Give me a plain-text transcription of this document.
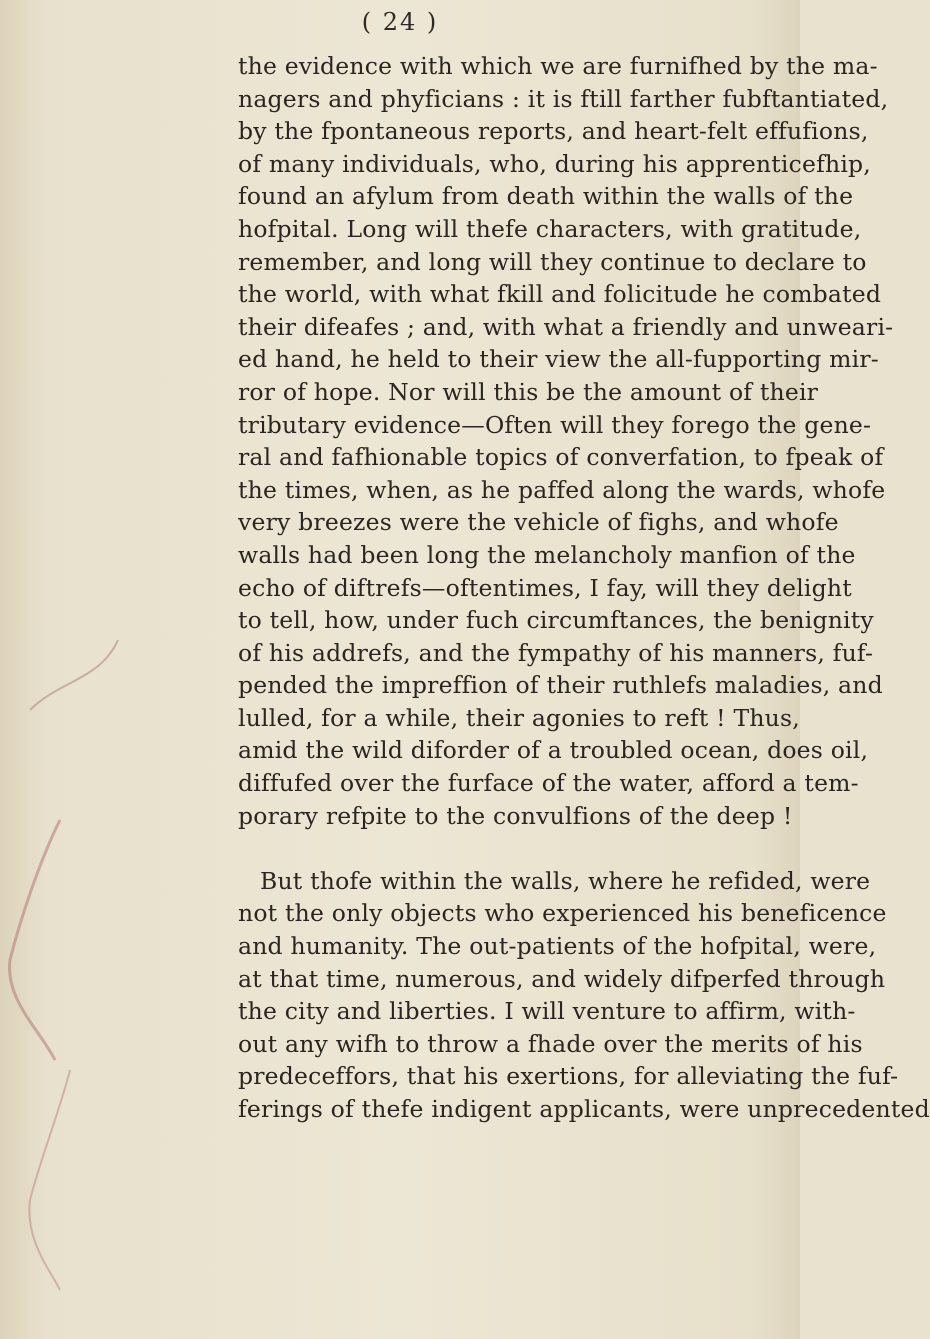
( 24 )
the evidence with which we are furnifhed by the ma-
nagers and phyficians : it is ftill farther fubftantiated,
by the fpontaneous reports, and heart-felt effufions,
of many individuals, who, during his apprenticefhip,
found an afylum from death within the walls of the
hofpital. Long will thefe characters, with gratitude,
remember, and long will they continue to declare to
the world, with what fkill and folicitude he combated
their difeafes ; and, with what a friendly and unweari-
ed hand, he held to their view the all-fupporting mir-
ror of hope. Nor will this be the amount of their
tributary evidence—Often will they forego the gene-
ral and fafhionable topics of converfation, to fpeak of
the times, when, as he paffed along the wards, whofe
very breezes were the vehicle of fighs, and whofe
walls had been long the melancholy manfion of the
echo of diftrefs—oftentimes, I fay, will they delight
to tell, how, under fuch circumftances, the benignity
of his addrefs, and the fympathy of his manners, fuf-
pended the impreffion of their ruthlefs maladies, and
lulled, for a while, their agonies to reft ! Thus,
amid the wild diforder of a troubled ocean, does oil,
diffufed over the furface of the water, afford a tem-
porary refpite to the convulfions of the deep !
But thofe within the walls, where he refided, were
not the only objects who experienced his beneficence
and humanity. The out-patients of the hofpital, were,
at that time, numerous, and widely difperfed through
the city and liberties. I will venture to affirm, with-
out any wifh to throw a fhade over the merits of his
predeceffors, that his exertions, for alleviating the fuf-
ferings of thefe indigent applicants, were unprecedented
